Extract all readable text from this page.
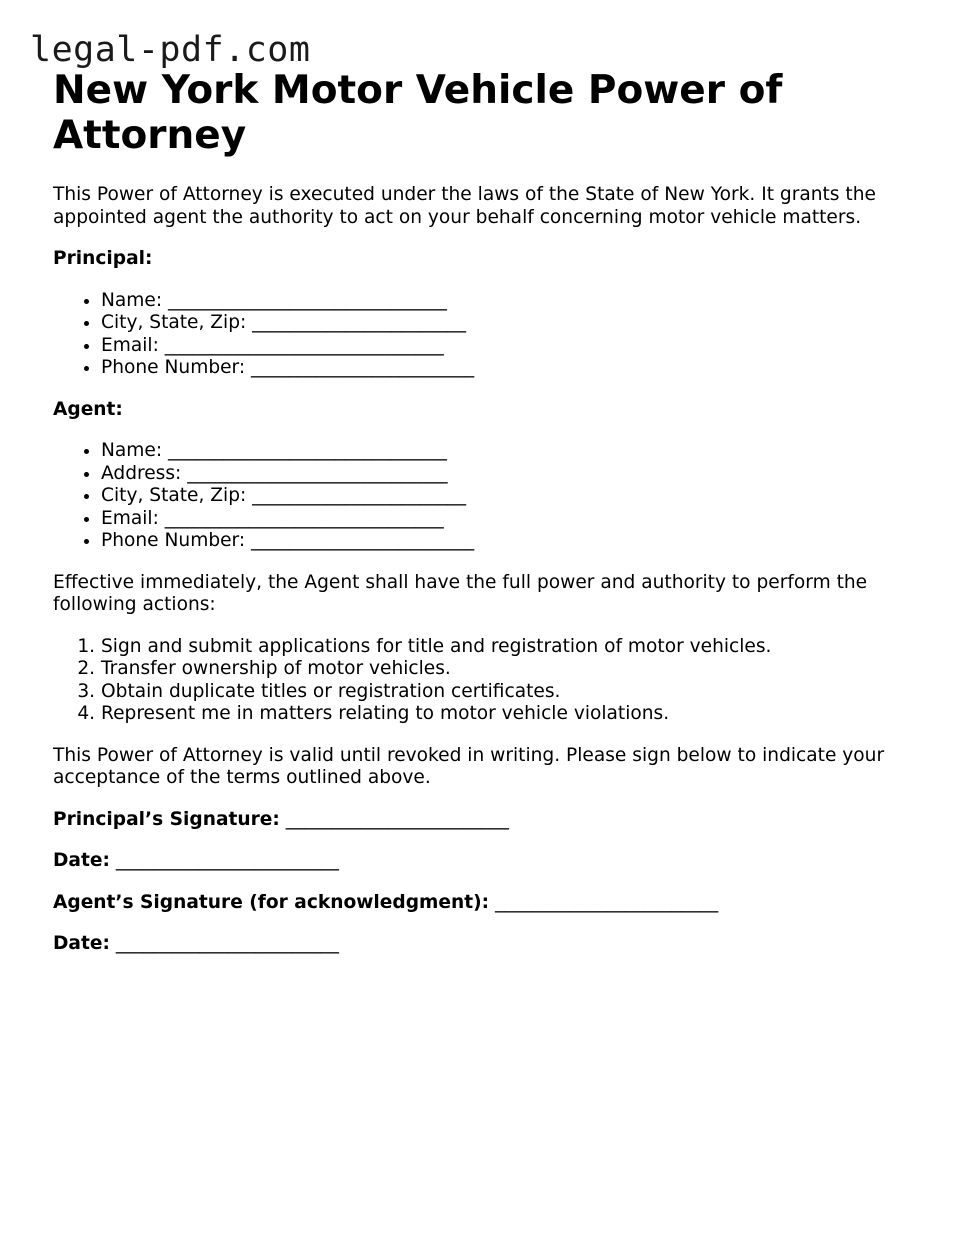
legal-pdf.com
New York Motor Vehicle Power of Attorney

This Power of Attorney is executed under the laws of the State of New York. It grants the appointed agent the authority to act on your behalf concerning motor vehicle matters.

Principal:

• Name: ______________________________
• City, State, Zip: _______________________
• Email: ______________________________
• Phone Number: ________________________

Agent:

• Name: ______________________________
• Address: ____________________________
• City, State, Zip: _______________________
• Email: ______________________________
• Phone Number: ________________________

Effective immediately, the Agent shall have the full power and authority to perform the following actions:

1. Sign and submit applications for title and registration of motor vehicles.
2. Transfer ownership of motor vehicles.
3. Obtain duplicate titles or registration certificates.
4. Represent me in matters relating to motor vehicle violations.

This Power of Attorney is valid until revoked in writing. Please sign below to indicate your acceptance of the terms outlined above.

Principal’s Signature: ________________________

Date: ________________________

Agent’s Signature (for acknowledgment): ________________________

Date: ________________________
